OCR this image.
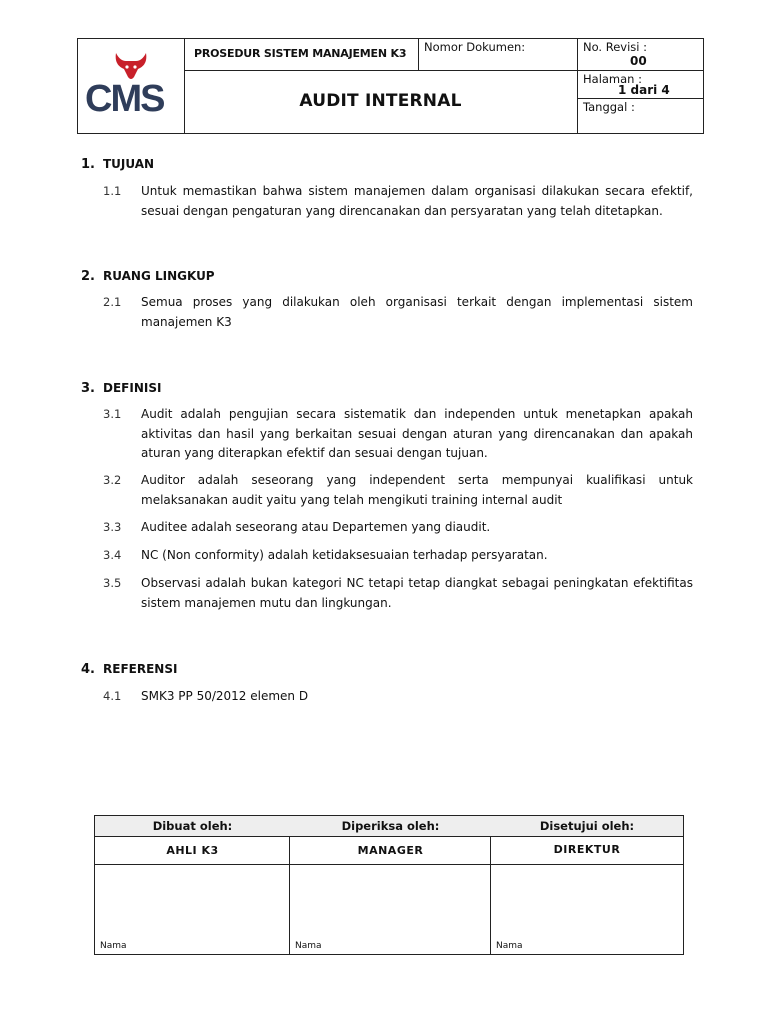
CMS
PROSEDUR SISTEM MANAJEMEN K3 Nomor Dokumen:
AUDIT INTERNAL
No. Revisi :
00
Halaman :
1 dari 4
Tanggal :
1. TUJUAN
1.1	Untuk memastikan bahwa sistem manajemen dalam organisasi dilakukan secara efektif, sesuai dengan pengaturan yang direncanakan dan persyaratan yang telah ditetapkan.
2. RUANG LINGKUP
2.1	Semua proses yang dilakukan oleh organisasi terkait dengan implementasi sistem manajemen K3
3. DEFINISI
3.1	Audit adalah pengujian secara sistematik dan independen untuk menetapkan apakah aktivitas dan hasil yang berkaitan sesuai dengan aturan yang direncanakan dan apakah aturan yang diterapkan efektif dan sesuai dengan tujuan.
3.2	Auditor adalah seseorang yang independent serta mempunyai kualifikasi untuk melaksanakan audit yaitu yang telah mengikuti training internal audit
3.3	Auditee adalah seseorang atau Departemen yang diaudit.
3.4	NC (Non conformity) adalah ketidaksesuaian terhadap persyaratan.
3.5	Observasi adalah bukan kategori NC tetapi tetap diangkat sebagai peningkatan efektifitas sistem manajemen mutu dan lingkungan.
4. REFERENSI
4.1	SMK3 PP 50/2012 elemen D
Dibuat oleh:	Diperiksa oleh:	Disetujui oleh:
AHLI K3	MANAGER	DIREKTUR
Nama	Nama	Nama
